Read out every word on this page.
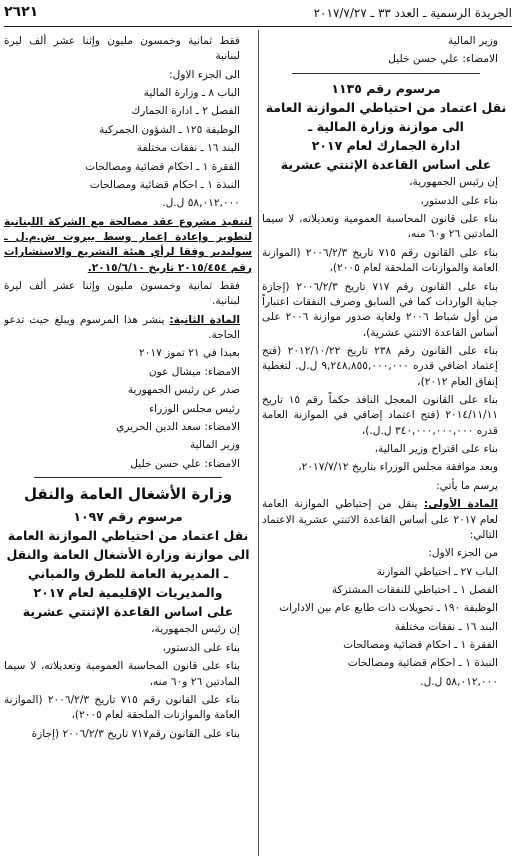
الجريدة الرسمية ـ العدد ٣٣ ـ ٢٠١٧/٧/٢٧
٢٦٢١
وزير المالية
الامضاء: علي حسن خليل
مرسوم رقم ١١٣٥
نقل اعتماد من احتياطي الموازنة العامة
الى موازنة وزارة المالية ـ
ادارة الجمارك لعام ٢٠١٧
على اساس القاعدة الإثنتي عشرية
إن رئيس الجمهورية،
بناء على الدستور،
بناء على قانون المحاسبة العمومية وتعديلاته، لا سيما المادتين ٢٦ و٦٠ منه،
بناء على القانون رقم ٧١٥ تاريخ ٢٠٠٦/٢/٣ (الموازنة العامة والموازنات الملحقة لعام ٢٠٠٥)،
بناء على القانون رقم ٧١٧ تاريخ ٢٠٠٦/٢/٣ (إجازة جباية الواردات كما في السابق وصرف النفقات اعتباراً من أول شباط ٢٠٠٦ ولغاية صدور موازنة ٢٠٠٦ على أساس القاعدة الاثنتي عشرية)،
بناء على القانون رقم ٢٣٨ تاريخ ٢٠١٢/١٠/٢٢ (فتح إعتماد اضافي قدره ٩,٢٤٨,٨٥٥,٠٠٠,٠٠٠ ل.ل. لتغطية إنفاق العام ٢٠١٢)،
بناء على القانون المعجل النافذ حكماً رقم ١٥ تاريخ ٢٠١٤/١١/١١ (فتح اعتماد إضافي في الموازنة العامة قدره ٣٤٠,٠٠٠,٠٠٠,٠٠٠ ل.ل.)،
بناء على اقتراح وزير المالية،
وبعد موافقة مجلس الوزراء بتاريخ ٢٠١٧/٧/١٢،
يرسم ما يأتي:
المادة الأولى: ينقل من إحتياطي الموازنة العامة لعام ٢٠١٧ على أساس القاعدة الاثنتي عشرية الاعتماد التالي:
من الجزء الاول:
الباب ٢٧ ـ احتياطي الموازنة
الفصل ١ ـ احتياطي للنفقات المشتركة
الوظيفة ١٩٠ ـ تحويلات ذات طابع عام بين الادارات
البند ١٦ ـ نفقات مختلفة
الفقرة ١ ـ احكام قضائية ومصالحات
النبذة ١ ـ احكام قضائية ومصالحات
٥٨,٠١٢,٠٠٠ ل.ل.
فقط ثمانية وخمسون مليون وإثنا عشر ألف ليرة لبنانية
الى الجزء الاول:
الباب ٨ ـ وزارة المالية
الفصل ٢ ـ ادارة الجمارك
الوظيفة ١٢٥ ـ الشؤون الجمركية
البند ١٦ ـ نفقات مختلفة
الفقرة ١ ـ احكام قضائية ومصالحات
النبذة ١ ـ احكام قضائية ومصالحات
٥٨,٠١٢,٠٠٠ ل.ل.
لتنفيذ مشروع عقد مصالحة مع الشركة اللبنانية لتطوير وإعادة إعمار وسط بيروت ش.م.ل ـ سوليدير وفقا لرأي هيئة التشريع والاستشارات رقم ٢٠١٥/٤٥٤ تاريخ ٢٠١٥/٦/١٠.
فقط ثمانية وخمسون مليون وإثنا عشر ألف ليرة لبنانية.
المادة الثانية: ينشر هذا المرسوم ويبلغ حيث تدعو الحاجة.
بعبدا في ٢١ تموز ٢٠١٧
الامضاء: ميشال عون
صدر عن رئيس الجمهورية
رئيس مجلس الوزراء
الامضاء: سعد الدين الحريري
وزير المالية
الامضاء: علي حسن خليل
وزارة الأشغال العامة والنقل
مرسوم رقم ١٠٩٧
نقل اعتماد من احتياطي الموازنة العامة
الى موازنة وزارة الأشغال العامة والنقل
ـ المديرية العامة للطرق والمباني
والمديريات الإقليمية لعام ٢٠١٧
على اساس القاعدة الإثنتي عشرية
إن رئيس الجمهورية،
بناء على الدستور،
بناء على قانون المحاسبة العمومية وتعديلاته، لا سيما المادتين ٢٦ و٦٠ منه،
بناء على القانون رقم ٧١٥ تاريخ ٢٠٠٦/٢/٣ (الموازنة العامة والموازنات الملحقة لعام ٢٠٠٥)،
بناء على القانون رقم٧١٧ تاريخ ٢٠٠٦/٢/٣ (إجازة
